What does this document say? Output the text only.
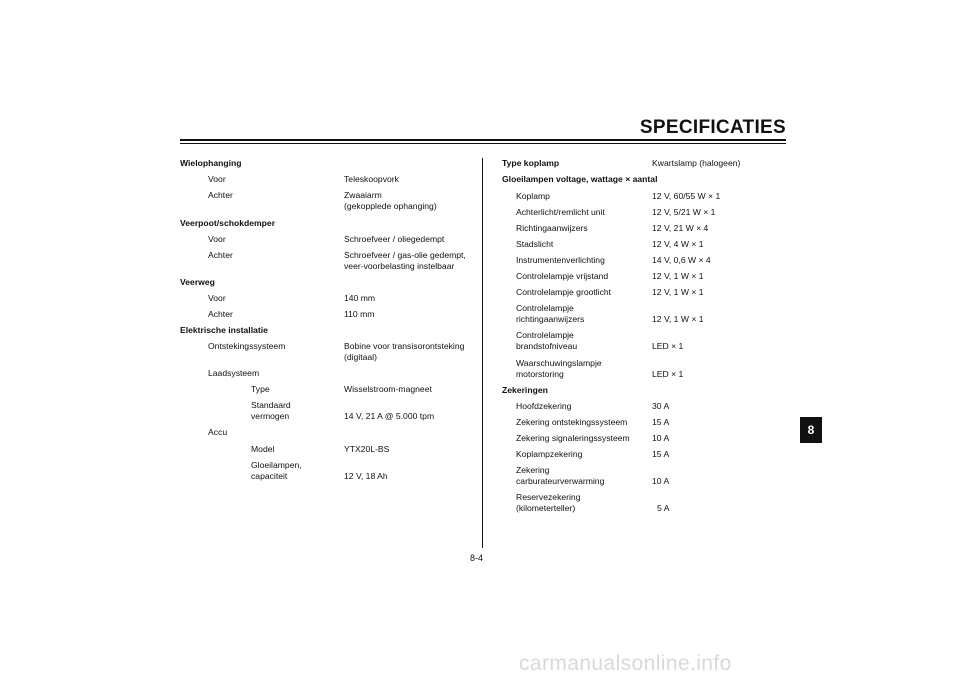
SPECIFICATIES
Wielophanging
Voor	Teleskoopvork
Achter	Zwaaiarm
(gekopplede ophanging)
Veerpoot/schokdemper
Voor	Schroefveer / oliegedempt
Achter	Schroefveer / gas-olie gedempt,
veer-voorbelasting instelbaar
Veerweg
Voor	140 mm
Achter	110 mm
Elektrische installatie
Ontstekingssysteem	Bobine voor transisorontsteking
(digitaal)
Laadsysteem
Type	Wisselstroom-magneet
Standaard
vermogen	14 V, 21 A @ 5.000 tpm
Accu
Model	YTX20L-BS
Gloeilampen,
capaciteit	12 V, 18 Ah
Type koplamp	Kwartslamp (halogeen)
Gloeilampen voltage, wattage × aantal
Koplamp	12 V, 60/55 W × 1
Achterlicht/remlicht unit	12 V, 5/21 W × 1
Richtingaanwijzers	12 V, 21 W × 4
Stadslicht	12 V, 4 W × 1
Instrumentenverlichting	14 V, 0,6 W × 4
Controlelampje vrijstand	12 V, 1 W × 1
Controlelampje grootlicht	12 V, 1 W × 1
Controlelampje
richtingaanwijzers	12 V, 1 W × 1
Controlelampje
brandstofniveau	LED × 1
Waarschuwingslampje
motorstoring	LED × 1
Zekeringen
Hoofdzekering	30 A
Zekering ontstekingssysteem	15 A
Zekering signaleringssysteem	10 A
Koplampzekering	15 A
Zekering
carburateurverwarming	10 A
Reservezekering
(kilometerteller)	5 A
8-4
8
carmanualsonline.info
